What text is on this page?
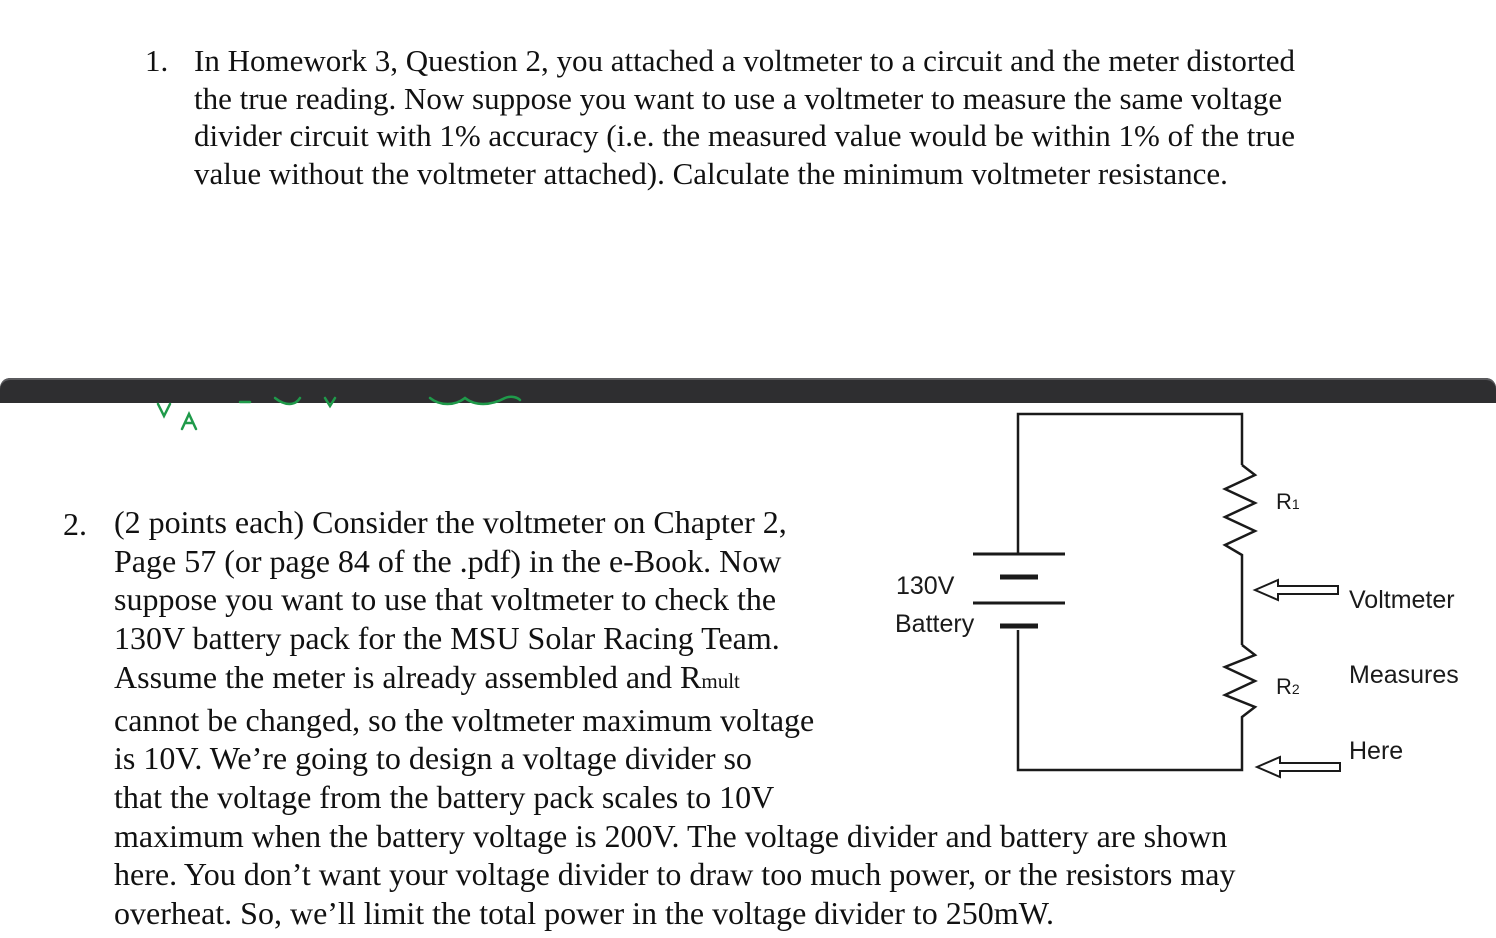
1. In Homework 3, Question 2, you attached a voltmeter to a circuit and the meter distorted
the true reading. Now suppose you want to use a voltmeter to measure the same voltage
divider circuit with 1% accuracy (i.e. the measured value would be within 1% of the true
value without the voltmeter attached). Calculate the minimum voltmeter resistance.
2. (2 points each) Consider the voltmeter on Chapter 2,
Page 57 (or page 84 of the .pdf) in the e-Book. Now
suppose you want to use that voltmeter to check the
130V battery pack for the MSU Solar Racing Team.
Assume the meter is already assembled and Rmult
cannot be changed, so the voltmeter maximum voltage
is 10V. We’re going to design a voltage divider so
that the voltage from the battery pack scales to 10V
maximum when the battery voltage is 200V. The voltage divider and battery are shown
here. You don’t want your voltage divider to draw too much power, or the resistors may
overheat. So, we’ll limit the total power in the voltage divider to 250mW.
130V
Battery
R1
R2
Voltmeter
Measures
Here
